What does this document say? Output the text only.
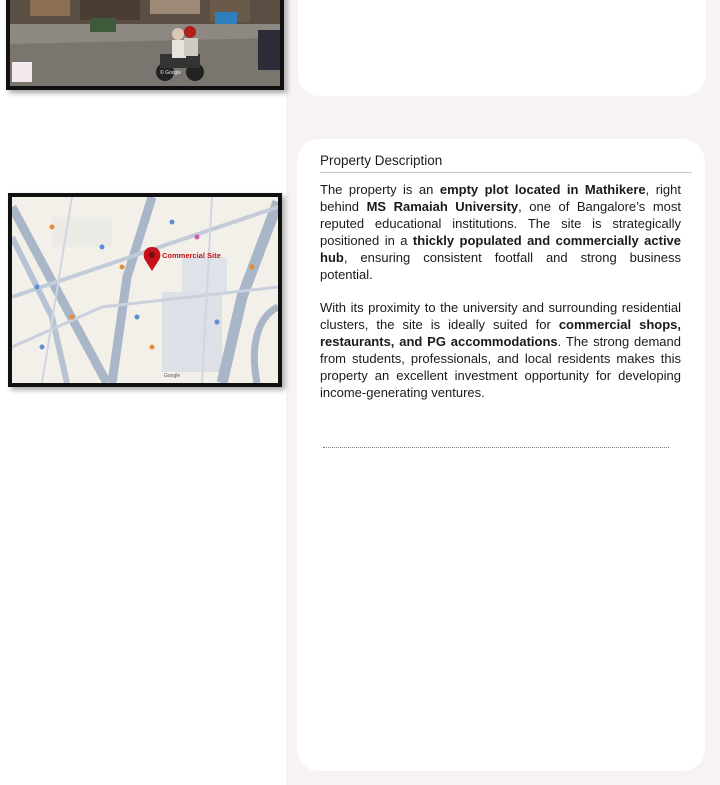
© Google
Commercial Site
Google
Property Description

The property is an empty plot located in Mathikere, right behind MS Ramaiah University, one of Bangalore’s most reputed educational institutions. The site is strategically positioned in a thickly populated and commercially active hub, ensuring consistent footfall and strong business potential.

With its proximity to the university and surrounding residential clusters, the site is ideally suited for commercial shops, restaurants, and PG accommodations. The strong demand from students, professionals, and local residents makes this property an excellent investment opportunity for developing income-generating ventures.
